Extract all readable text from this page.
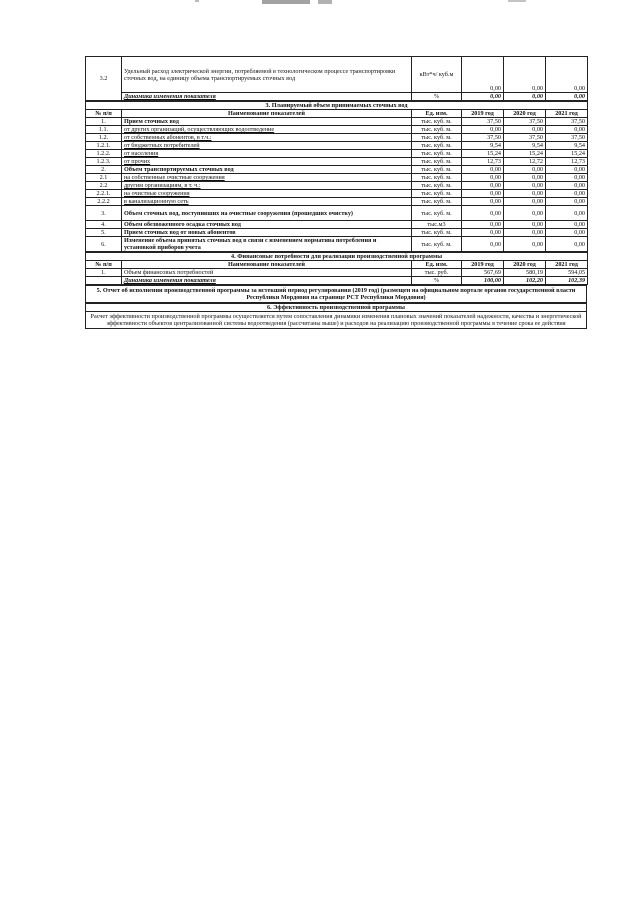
3.2	Удельный расход электрической энергии, потребляемой в технологическом процессе транспортировки сточных вод, на единицу объема транспортируемых сточных вод	кВт*ч/ куб.м	0,00	0,00	0,00
	Динамика изменения показателя	%	0,00	0,00	0,00
3. Планируемый объем принимаемых сточных вод					
№ п/п	Наименование показателей	Ед. изм.	2019 год	2020 год	2021 год
1.	Прием сточных вод	тыс. куб. м.	37,50	37,50	37,50
1.1.	от других организаций, осуществляющих водоотведение	тыс. куб. м.	0,00	0,00	0,00
1.2.	от собственных абонентов, в т.ч.:	тыс. куб. м.	37,50	37,50	37,50
1.2.1.	от бюджетных потребителей	тыс. куб. м.	9,54	9,54	9,54
1.2.2.	от населения	тыс. куб. м.	15,24	15,24	15,24
1.2.3.	от прочих	тыс. куб. м.	12,73	12,72	12,73
2.	Объем транспортируемых сточных вод	тыс. куб. м.	0,00	0,00	0,00
2.1	на собственные очистные сооружения	тыс. куб. м.	0,00	0,00	0,00
2.2	другим организациям, в т. ч.:	тыс. куб. м.	0,00	0,00	0,00
2.2.1.	на очистные сооружения	тыс. куб. м.	0,00	0,00	0,00
2.2.2	в канализационную сеть	тыс. куб. м.	0,00	0,00	0,00
3.	Объем сточных вод, поступивших на очистные сооружения (прошедших очистку)	тыс. куб. м.	0,00	0,00	0,00
4.	Объем обезвоженного осадка сточных вод	тыс.м3	0,00	0,00	0,00
5.	Прием сточных вод от новых абонентов	тыс. куб. м.	0,00	0,00	0,00
6.	Изменение объема принятых сточных вод в связи с изменением норматива потребления и установкой приборов учета	тыс. куб. м.	0,00	0,00	0,00
4. Финансовые потребности для реализации производственной программы					
№ п/п	Наименование показателей	Ед. изм.	2019 год	2020 год	2021 год
1.	Объем финансовых потребностей	тыс. руб.	567,69	580,19	594,05
	Динамика изменения показателя	%	100,00	102,20	102,39
5. Отчет об исполнении производственной программы за истекший период регулирования (2019 год) (размещен на официальном портале органов государственной власти Республики Мордовия на странице РСТ Республики Мордовия)
6. Эффективность производственной программы
Расчет эффективности производственной программы осуществляется путем сопоставления динамики изменения плановых значений показателей надежности, качества и энергетической эффективности объектов централизованной системы водоотведения (рассчитаны выше) и расходов на реализацию производственной программы в течение срока ее действия
